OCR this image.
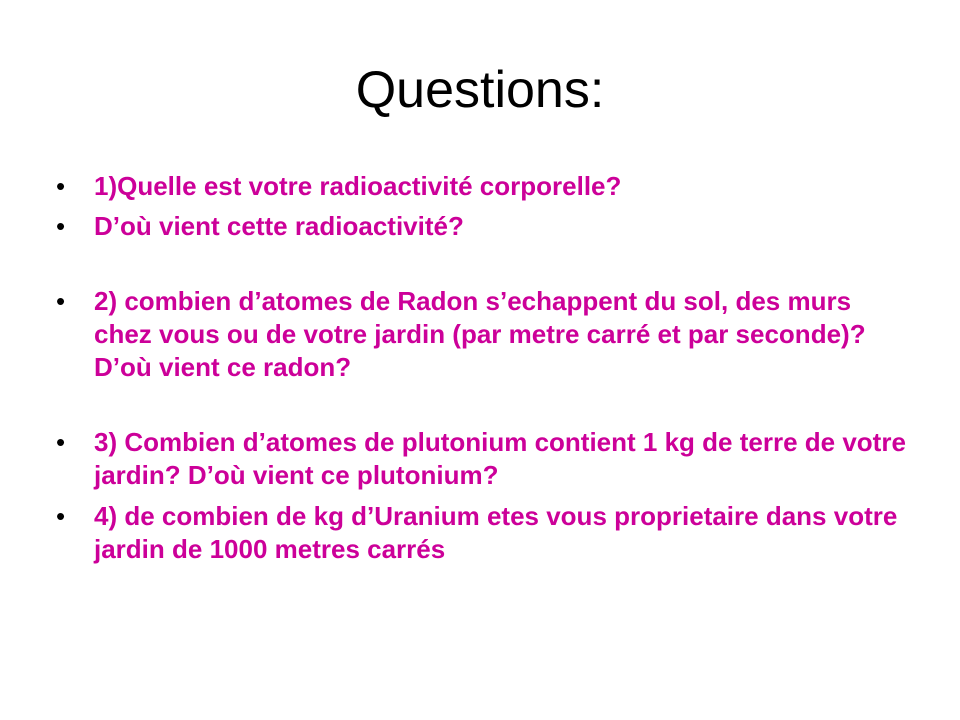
Questions:
• 1)Quelle est votre radioactivité corporelle?
• D’où vient cette radioactivité?
• 2) combien d’atomes de Radon s’echappent du sol, des murs chez vous ou de votre jardin (par metre carré et par seconde)? D’où vient ce radon?
• 3) Combien d’atomes de plutonium contient 1 kg de terre de votre jardin? D’où vient ce plutonium?
• 4) de combien de kg d’Uranium etes vous proprietaire dans votre jardin de 1000 metres carrés
